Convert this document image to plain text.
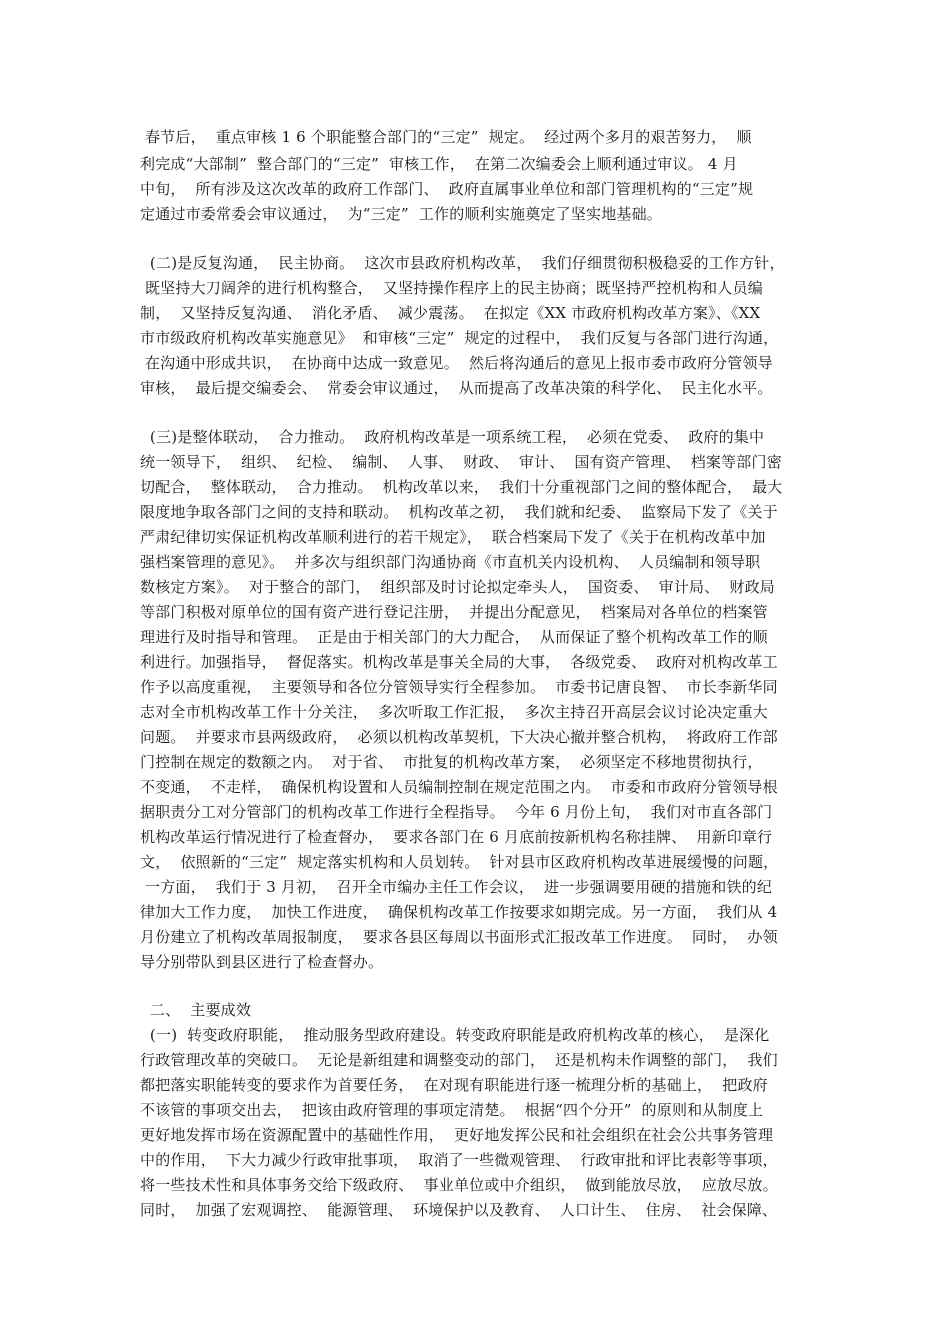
春节后，  重点审核 1 6 个职能整合部门的“三定”  规定。  经过两个多月的艰苦努力，  顺
利完成“大部制”  整合部门的“三定”  审核工作，  在第二次编委会上顺利通过审议。 4 月
中旬，  所有涉及这次改革的政府工作部门、  政府直属事业单位和部门管理机构的“三定”规
定通过市委常委会审议通过，  为“三定”  工作的顺利实施奠定了坚实地基础。
(二)是反复沟通，  民主协商。  这次市县政府机构改革，  我们仔细贯彻积极稳妥的工作方针，
既坚持大刀阔斧的进行机构整合，  又坚持操作程序上的民主协商；既坚持严控机构和人员编
制，  又坚持反复沟通、  消化矛盾、  减少震荡。  在拟定《XX 市政府机构改革方案》、《XX
市市级政府机构改革实施意见》  和审核“三定”  规定的过程中，  我们反复与各部门进行沟通，
在沟通中形成共识，  在协商中达成一致意见。  然后将沟通后的意见上报市委市政府分管领导
审核，  最后提交编委会、  常委会审议通过，  从而提高了改革决策的科学化、  民主化水平。
(三)是整体联动，  合力推动。  政府机构改革是一项系统工程，  必须在党委、  政府的集中
统一领导下，  组织、  纪检、  编制、  人事、  财政、  审计、  国有资产管理、  档案等部门密
切配合，  整体联动，  合力推动。  机构改革以来，  我们十分重视部门之间的整体配合，  最大
限度地争取各部门之间的支持和联动。  机构改革之初，  我们就和纪委、  监察局下发了《关于
严肃纪律切实保证机构改革顺利进行的若干规定》，  联合档案局下发了《关于在机构改革中加
强档案管理的意见》。  并多次与组织部门沟通协商《市直机关内设机构、  人员编制和领导职
数核定方案》。  对于整合的部门，  组织部及时讨论拟定牵头人，  国资委、  审计局、  财政局
等部门积极对原单位的国有资产进行登记注册，  并提出分配意见，  档案局对各单位的档案管
理进行及时指导和管理。  正是由于相关部门的大力配合，  从而保证了整个机构改革工作的顺
利进行。加强指导，  督促落实。机构改革是事关全局的大事，  各级党委、  政府对机构改革工
作予以高度重视，  主要领导和各位分管领导实行全程参加。  市委书记唐良智、  市长李新华同
志对全市机构改革工作十分关注，  多次听取工作汇报，  多次主持召开高层会议讨论决定重大
问题。  并要求市县两级政府，  必须以机构改革契机，下大决心撤并整合机构，  将政府工作部
门控制在规定的数额之内。  对于省、  市批复的机构改革方案，  必须坚定不移地贯彻执行，
不变通，  不走样，  确保机构设置和人员编制控制在规定范围之内。  市委和市政府分管领导根
据职责分工对分管部门的机构改革工作进行全程指导。  今年 6 月份上旬，  我们对市直各部门
机构改革运行情况进行了检查督办，  要求各部门在 6 月底前按新机构名称挂牌、  用新印章行
文，  依照新的“三定”  规定落实机构和人员划转。  针对县市区政府机构改革进展缓慢的问题，
一方面，  我们于 3 月初，  召开全市编办主任工作会议，  进一步强调要用硬的措施和铁的纪
律加大工作力度，  加快工作进度，  确保机构改革工作按要求如期完成。另一方面，  我们从 4
月份建立了机构改革周报制度，  要求各县区每周以书面形式汇报改革工作进度。  同时，  办领
导分别带队到县区进行了检查督办。
二、  主要成效
(一)  转变政府职能，  推动服务型政府建设。转变政府职能是政府机构改革的核心，  是深化
行政管理改革的突破口。  无论是新组建和调整变动的部门，  还是机构未作调整的部门，  我们
都把落实职能转变的要求作为首要任务，  在对现有职能进行逐一梳理分析的基础上，  把政府
不该管的事项交出去，  把该由政府管理的事项定清楚。  根据“四个分开”  的原则和从制度上
更好地发挥市场在资源配置中的基础性作用，  更好地发挥公民和社会组织在社会公共事务管理
中的作用，  下大力减少行政审批事项，  取消了一些微观管理、  行政审批和评比表彰等事项，
将一些技术性和具体事务交给下级政府、  事业单位或中介组织，  做到能放尽放，  应放尽放。
同时，  加强了宏观调控、  能源管理、  环境保护以及教育、  人口计生、  住房、  社会保障、
